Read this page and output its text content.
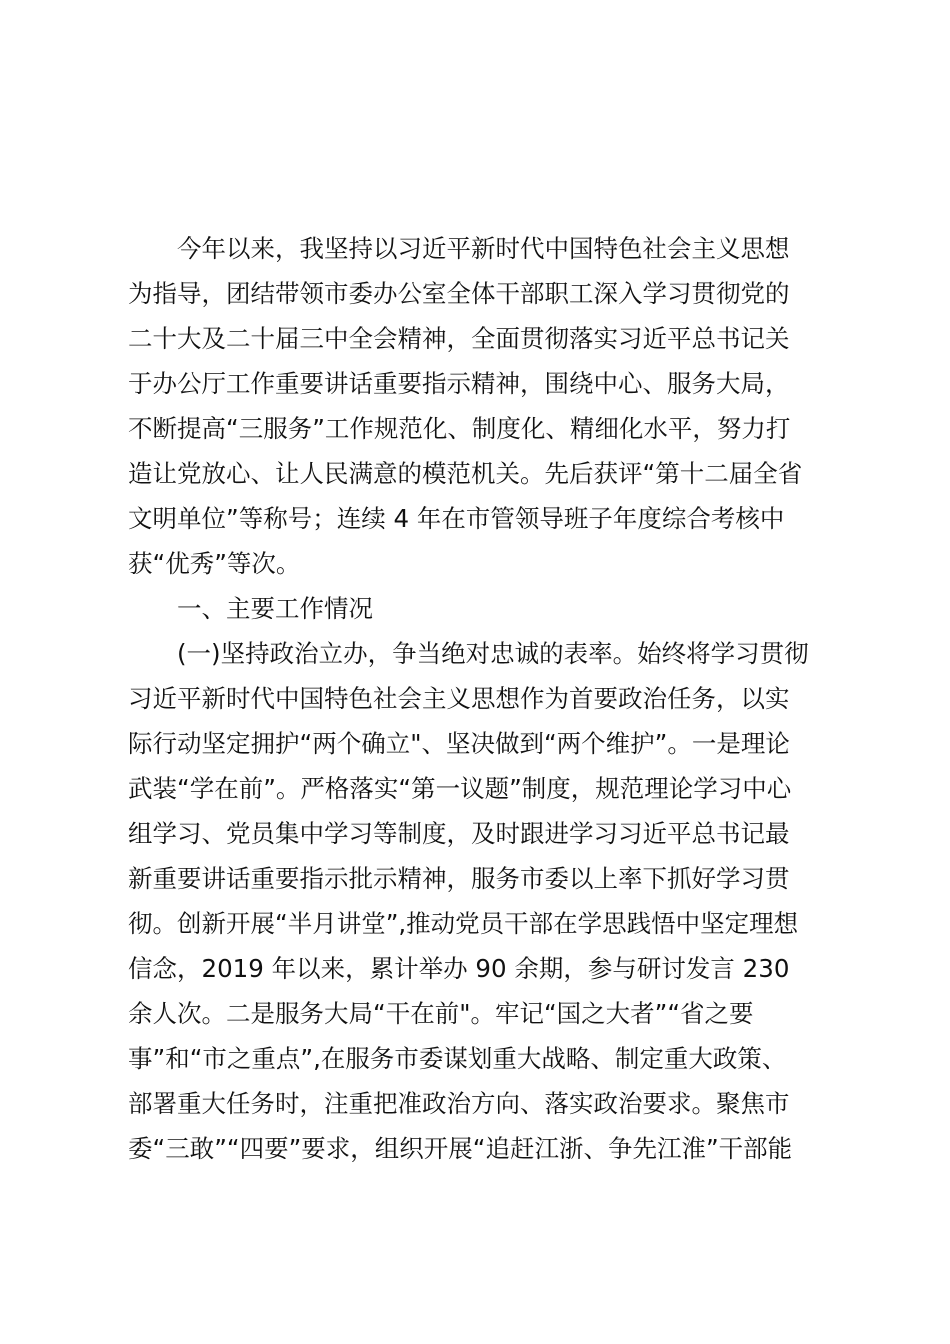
　　今年以来，我坚持以习近平新时代中国特色社会主义思想
为指导，团结带领市委办公室全体干部职工深入学习贯彻党的
二十大及二十届三中全会精神，全面贯彻落实习近平总书记关
于办公厅工作重要讲话重要指示精神，围绕中心、服务大局，
不断提高“三服务”工作规范化、制度化、精细化水平，努力打
造让党放心、让人民满意的模范机关。先后获评“第十二届全省
文明单位”等称号；连续 4 年在市管领导班子年度综合考核中
获“优秀”等次。
　　一、主要工作情况
　　(一)坚持政治立办，争当绝对忠诚的表率。始终将学习贯彻
习近平新时代中国特色社会主义思想作为首要政治任务，以实
际行动坚定拥护“两个确立"、坚决做到“两个维护”。一是理论
武装“学在前”。严格落实“第一议题”制度，规范理论学习中心
组学习、党员集中学习等制度，及时跟进学习习近平总书记最
新重要讲话重要指示批示精神，服务市委以上率下抓好学习贯
彻。创新开展“半月讲堂”,推动党员干部在学思践悟中坚定理想
信念，2019 年以来，累计举办 90 余期，参与研讨发言 230
余人次。二是服务大局“干在前"。牢记“国之大者”“省之要
事”和“市之重点”,在服务市委谋划重大战略、制定重大政策、
部署重大任务时，注重把准政治方向、落实政治要求。聚焦市
委“三敢”“四要”要求，组织开展“追赶江浙、争先江淮”干部能
